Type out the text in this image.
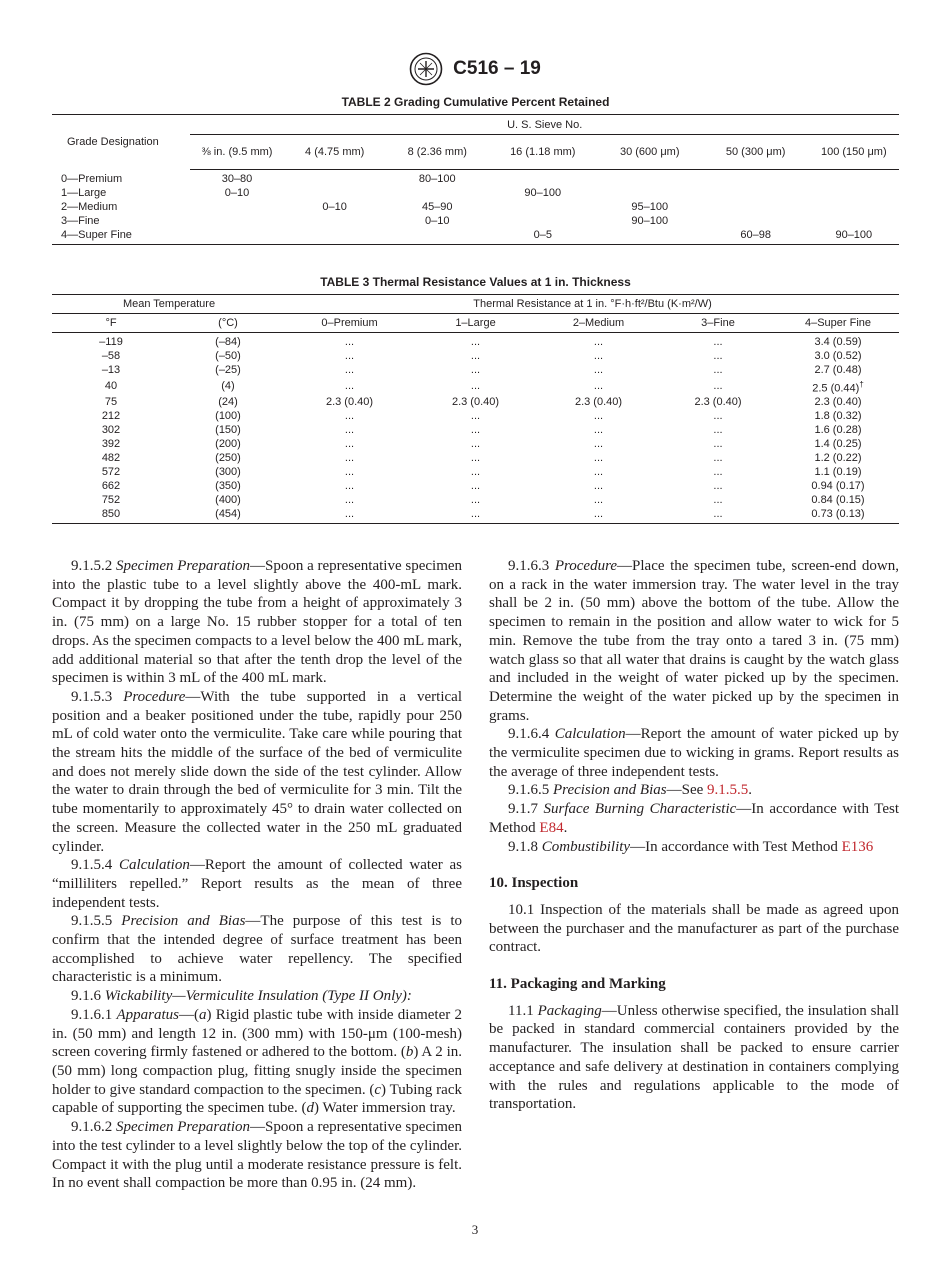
C516 – 19
TABLE 2 Grading Cumulative Percent Retained
Grade Designation	U. S. Sieve No.						
	⅜ in. (9.5 mm)	4 (4.75 mm)	8 (2.36 mm)	16 (1.18 mm)	30 (600 μm)	50 (300 μm)	100 (150 μm)
0—Premium	30–80		80–100				
1—Large	0–10			90–100			
2—Medium		0–10	45–90		95–100		
3—Fine			0–10		90–100		
4—Super Fine				0–5		60–98	90–100
TABLE 3 Thermal Resistance Values at 1 in. Thickness
Mean Temperature		Thermal Resistance at 1 in. °F·h·ft²/Btu (K·m²/W)				
°F	(°C)	0–Premium	1–Large	2–Medium	3–Fine	4–Super Fine
–119	(–84)	...	...	...	...	3.4 (0.59)
–58	(–50)	...	...	...	...	3.0 (0.52)
–13	(–25)	...	...	...	...	2.7 (0.48)
40	(4)	...	...	...	...	2.5 (0.44)†
75	(24)	2.3 (0.40)	2.3 (0.40)	2.3 (0.40)	2.3 (0.40)	2.3 (0.40)
212	(100)	...	...	...	...	1.8 (0.32)
302	(150)	...	...	...	...	1.6 (0.28)
392	(200)	...	...	...	...	1.4 (0.25)
482	(250)	...	...	...	...	1.2 (0.22)
572	(300)	...	...	...	...	1.1 (0.19)
662	(350)	...	...	...	...	0.94 (0.17)
752	(400)	...	...	...	...	0.84 (0.15)
850	(454)	...	...	...	...	0.73 (0.13)

9.1.5.2 Specimen Preparation—Spoon a representative specimen into the plastic tube to a level slightly above the 400-mL mark. Compact it by dropping the tube from a height of approximately 3 in. (75 mm) on a large No. 15 rubber stopper for a total of ten drops. As the specimen compacts to a level below the 400 mL mark, add additional material so that after the tenth drop the level of the specimen is within 3 mL of the 400 mL mark.

9.1.5.3 Procedure—With the tube supported in a vertical position and a beaker positioned under the tube, rapidly pour 250 mL of cold water onto the vermiculite. Take care while pouring that the stream hits the middle of the surface of the bed of vermiculite and does not merely slide down the side of the test cylinder. Allow the water to drain through the bed of vermiculite for 3 min. Tilt the tube momentarily to approximately 45° to drain water collected on the screen. Measure the collected water in the 250 mL graduated cylinder.

9.1.5.4 Calculation—Report the amount of collected water as “milliliters repelled.” Report results as the mean of three independent tests.

9.1.5.5 Precision and Bias—The purpose of this test is to confirm that the intended degree of surface treatment has been accomplished to achieve water repellency. The specified characteristic is a minimum.

9.1.6 Wickability—Vermiculite Insulation (Type II Only):

9.1.6.1 Apparatus—(a) Rigid plastic tube with inside diameter 2 in. (50 mm) and length 12 in. (300 mm) with 150-μm (100-mesh) screen covering firmly fastened or adhered to the bottom. (b) A 2 in. (50 mm) long compaction plug, fitting snugly inside the specimen holder to give standard compaction to the specimen. (c) Tubing rack capable of supporting the specimen tube. (d) Water immersion tray.

9.1.6.2 Specimen Preparation—Spoon a representative specimen into the test cylinder to a level slightly below the top of the cylinder. Compact it with the plug until a moderate resistance pressure is felt. In no event shall compaction be more than 0.95 in. (24 mm).

9.1.6.3 Procedure—Place the specimen tube, screen-end down, on a rack in the water immersion tray. The water level in the tray shall be 2 in. (50 mm) above the bottom of the tube. Allow the specimen to remain in the position and allow water to wick for 5 min. Remove the tube from the tray onto a tared 3 in. (75 mm) watch glass so that all water that drains is caught by the watch glass and included in the weight of water picked up by the specimen. Determine the weight of the water picked up by the specimen in grams.

9.1.6.4 Calculation—Report the amount of water picked up by the vermiculite specimen due to wicking in grams. Report results as the average of three independent tests.

9.1.6.5 Precision and Bias—See 9.1.5.5.

9.1.7 Surface Burning Characteristic—In accordance with Test Method E84.

9.1.8 Combustibility—In accordance with Test Method E136

10. Inspection

10.1 Inspection of the materials shall be made as agreed upon between the purchaser and the manufacturer as part of the purchase contract.

11. Packaging and Marking

11.1 Packaging—Unless otherwise specified, the insulation shall be packed in standard commercial containers provided by the manufacturer. The insulation shall be packed to ensure carrier acceptance and safe delivery at destination in containers complying with the rules and regulations applicable to the mode of transportation.

3
